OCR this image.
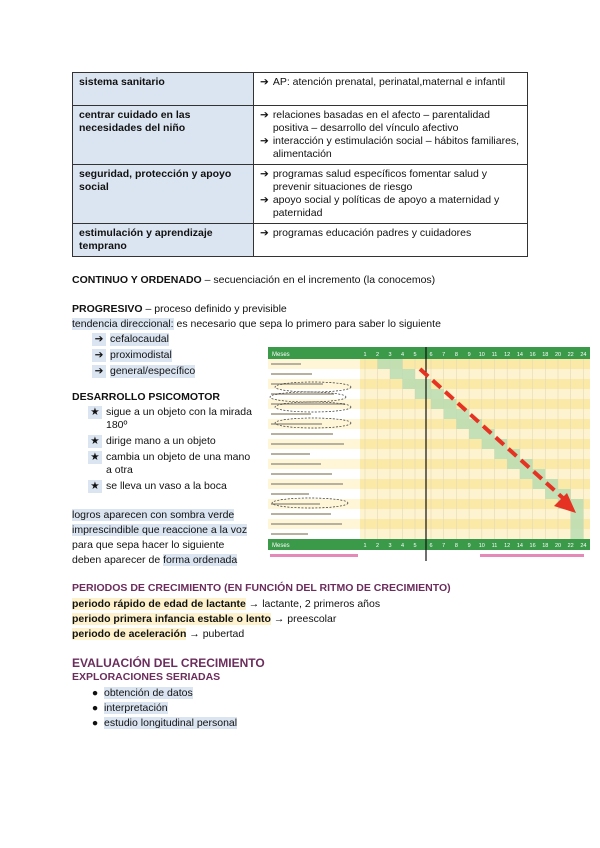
sistema sanitario	➔ AP: atención prenatal, perinatal,maternal e infantil

centrar cuidado en las necesidades del niño	➔ relaciones basadas en el afecto – parentalidad positiva – desarrollo del vínculo afectivo
➔ interacción y estimulación social – hábitos familiares, alimentación

seguridad, protección y apoyo social	➔ programas salud específicos fomentar salud y prevenir situaciones de riesgo
➔ apoyo social y políticas de apoyo a maternidad y paternidad

estimulación y aprendizaje temprano	➔ programas educación padres y cuidadores
CONTINUO Y ORDENADO – secuenciación en el incremento (la conocemos)
PROGRESIVO – proceso definido y previsible
tendencia direccional: es necesario que sepa lo primero para saber lo siguiente
➔ cefalocaudal
➔ proximodistal
➔ general/específico
DESARROLLO PSICOMOTOR
★ sigue a un objeto con la mirada
180º
★ dirige mano a un objeto
★ cambia un objeto de una mano
a otra
★ se lleva un vaso a la boca
logros aparecen con sombra verde
imprescindible que reaccione a la voz
para que sepa hacer lo siguiente
deben aparecer de forma ordenada
Meses
Meses
1 2 3 4 5 6 7 8 9 10 11 12 14 16 18 20 22 24
1 2 3 4 5 6 7 8 9 10 11 12 14 16 18 20 22 24
PERIODOS DE CRECIMIENTO (EN FUNCIÓN DEL RITMO DE CRECIMIENTO)
periodo rápido de edad de lactante → lactante, 2 primeros años
periodo primera infancia estable o lento → preescolar
periodo de aceleración → pubertad
EVALUACIÓN DEL CRECIMIENTO
EXPLORACIONES SERIADAS
● obtención de datos
● interpretación
● estudio longitudinal personal
